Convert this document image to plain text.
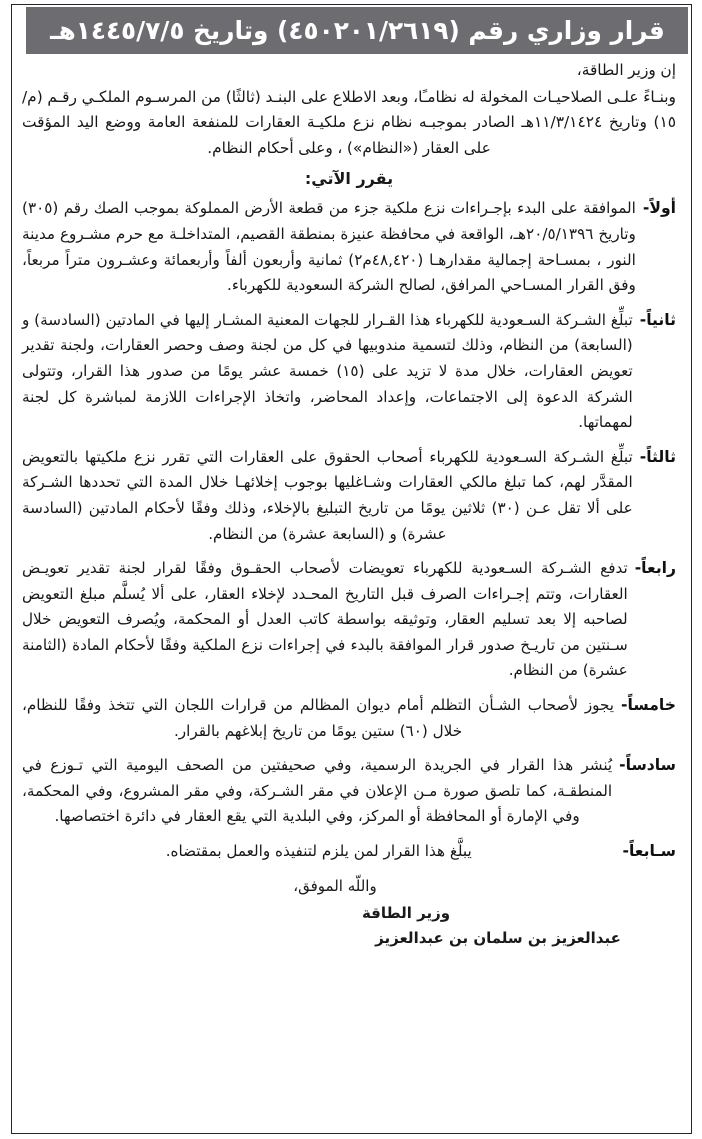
قرار وزاري رقم (٤٥٠٢٠١/٢٦١٩) وتاريخ ١٤٤٥/٧/٥هـ

إن وزير الطاقة،

وبنـاءً علـى الصلاحيـات المخولة له نظامـًا، وبعد الاطلاع على البنـد (ثالثًا) من المرسـوم الملكـي رقـم (م/١٥) وتاريخ ١١/٣/١٤٢٤هـ الصادر بموجبـه نظام نزع ملكيـة العقارات للمنفعة العامة ووضع اليد المؤقت على العقار («النظام») ، وعلى أحكام النظام.

يقرر الآتي:
أولاً-
الموافقة على البدء بإجـراءات نزع ملكية جزء من قطعة الأرض المملوكة بموجب الصك رقم (٣٠٥) وتاريخ ٢٠/٥/١٣٩٦هـ، الواقعة في محافظة عنيزة بمنطقة القصيم، المتداخلـة مع حرم مشـروع مدينة النور ، بمسـاحة إجمالية مقدارهـا (٤٨,٤٢٠م٢) ثمانية وأربعون ألفاً وأربعمائة وعشـرون متراً مربعاً، وفق القرار المسـاحي المرافق، لصالح الشركة السعودية للكهرباء.
ثانياً-
تبلِّغ الشـركة السـعودية للكهرباء هذا القـرار للجهات المعنية المشـار إليها في المادتين (السادسة) و (السابعة) من النظام، وذلك لتسمية مندوبيها في كل من لجنة وصف وحصر العقارات، ولجنة تقدير تعويض العقارات، خلال مدة لا تزيد على (١٥) خمسة عشر يومًا من صدور هذا القرار، وتتولى الشركة الدعوة إلى الاجتماعات، وإعداد المحاضر، واتخاذ الإجراءات اللازمة لمباشرة كل لجنة لمهماتها.
ثالثاً-
تبلِّغ الشـركة السـعودية للكهرباء أصحاب الحقوق على العقارات التي تقرر نزع ملكيتها بالتعويض المقدَّر لهم، كما تبلغ مالكي العقارات وشـاغليها بوجوب إخلائهـا خلال المدة التي تحددها الشـركة على ألا تقل عـن (٣٠) ثلاثين يومًا من تاريخ التبليغ بالإخلاء، وذلك وفقًا لأحكام المادتين (السادسة عشرة) و (السابعة عشرة) من النظام.
رابعاً-
تدفع الشـركة السـعودية للكهرباء تعويضات لأصحاب الحقـوق وفقًا لقرار لجنة تقدير تعويـض العقارات، وتتم إجـراءات الصرف قبل التاريخ المحـدد لإخلاء العقار، على ألا يُسلَّم مبلغ التعويض لصاحبه إلا بعد تسليم العقار، وتوثيقه بواسطة كاتب العدل أو المحكمة، ويُصرف التعويض خلال سـنتين من تاريـخ صدور قرار الموافقة بالبدء في إجراءات نزع الملكية وفقًا لأحكام المادة (الثامنة عشرة) من النظام.
خامساً-
يجوز لأصحاب الشـأن التظلم أمام ديوان المظالم من قرارات اللجان التي تتخذ وفقًا للنظام، خلال (٦٠) ستين يومًا من تاريخ إبلاغهم بالقرار.
سادساً-
يُنشر هذا القرار في الجريدة الرسمية، وفي صحيفتين من الصحف اليومية التي تـوزع في المنطقـة، كما تلصق صورة مـن الإعلان في مقر الشـركة، وفي مقر المشروع، وفي المحكمة، وفي الإمارة أو المحافظة أو المركز، وفي البلدية التي يقع العقار في دائرة اختصاصها.
سـابعاً-
يبلَّغ هذا القرار لمن يلزم لتنفيذه والعمل بمقتضاه.
واللّه الموفق،
وزير الطاقة
عبدالعزيز بن سلمان بن عبدالعزيز
